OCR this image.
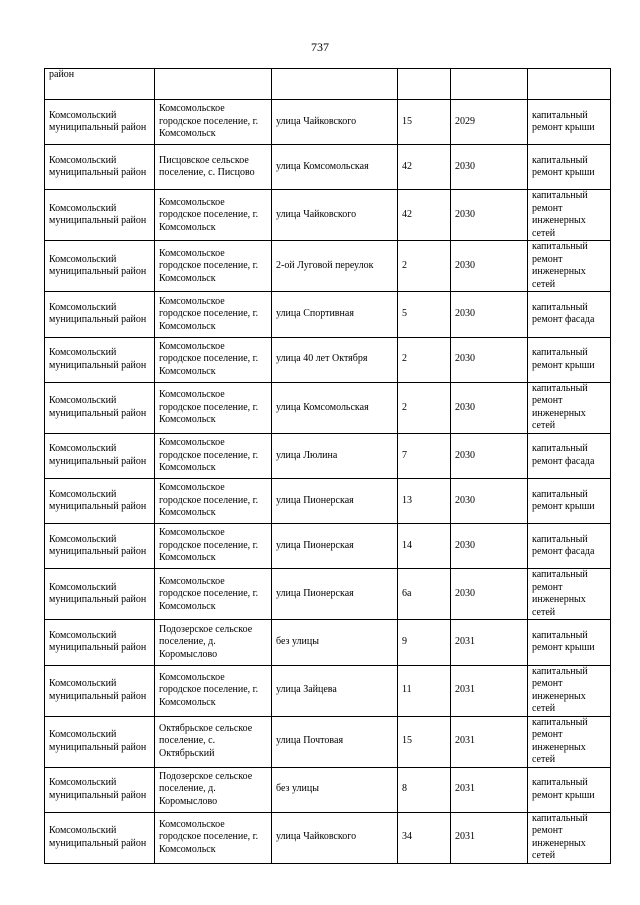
737
район					
Комсомольский муниципальный район	Комсомольское городское поселение, г. Комсомольск	улица Чайковского	15	2029	капитальный ремонт крыши
Комсомольский муниципальный район	Писцовское сельское поселение, с. Писцово	улица Комсомольская	42	2030	капитальный ремонт крыши
Комсомольский муниципальный район	Комсомольское городское поселение, г. Комсомольск	улица Чайковского	42	2030	капитальный ремонт инженерных сетей
Комсомольский муниципальный район	Комсомольское городское поселение, г. Комсомольск	2-ой Луговой переулок	2	2030	капитальный ремонт инженерных сетей
Комсомольский муниципальный район	Комсомольское городское поселение, г. Комсомольск	улица Спортивная	5	2030	капитальный ремонт фасада
Комсомольский муниципальный район	Комсомольское городское поселение, г. Комсомольск	улица 40 лет Октября	2	2030	капитальный ремонт крыши
Комсомольский муниципальный район	Комсомольское городское поселение, г. Комсомольск	улица Комсомольская	2	2030	капитальный ремонт инженерных сетей
Комсомольский муниципальный район	Комсомольское городское поселение, г. Комсомольск	улица Люлина	7	2030	капитальный ремонт фасада
Комсомольский муниципальный район	Комсомольское городское поселение, г. Комсомольск	улица Пионерская	13	2030	капитальный ремонт крыши
Комсомольский муниципальный район	Комсомольское городское поселение, г. Комсомольск	улица Пионерская	14	2030	капитальный ремонт фасада
Комсомольский муниципальный район	Комсомольское городское поселение, г. Комсомольск	улица Пионерская	6а	2030	капитальный ремонт инженерных сетей
Комсомольский муниципальный район	Подозерское сельское поселение, д. Коромыслово	без улицы	9	2031	капитальный ремонт крыши
Комсомольский муниципальный район	Комсомольское городское поселение, г. Комсомольск	улица Зайцева	11	2031	капитальный ремонт инженерных сетей
Комсомольский муниципальный район	Октябрьское сельское поселение, с. Октябрьский	улица Почтовая	15	2031	капитальный ремонт инженерных сетей
Комсомольский муниципальный район	Подозерское сельское поселение, д. Коромыслово	без улицы	8	2031	капитальный ремонт крыши
Комсомольский муниципальный район	Комсомольское городское поселение, г. Комсомольск	улица Чайковского	34	2031	капитальный ремонт инженерных сетей
